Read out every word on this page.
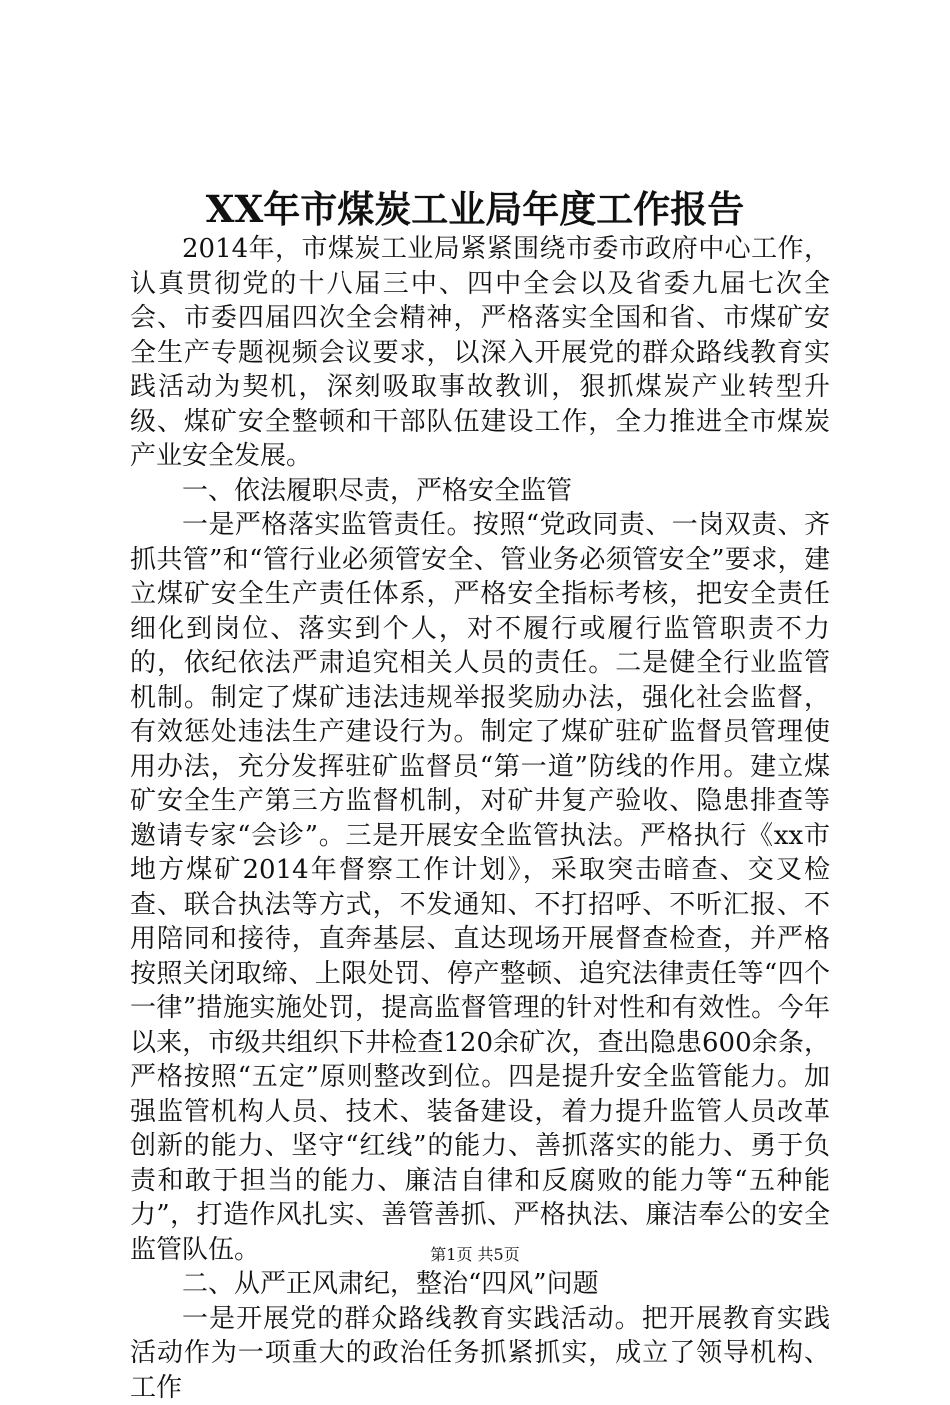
XX年市煤炭工业局年度工作报告

2014年，市煤炭工业局紧紧围绕市委市政府中心工作，认真贯彻党的十八届三中、四中全会以及省委九届七次全会、市委四届四次全会精神，严格落实全国和省、市煤矿安全生产专题视频会议要求，以深入开展党的群众路线教育实践活动为契机，深刻吸取事故教训，狠抓煤炭产业转型升级、煤矿安全整顿和干部队伍建设工作，全力推进全市煤炭产业安全发展。

一、依法履职尽责，严格安全监管

一是严格落实监管责任。按照“党政同责、一岗双责、齐抓共管”和“管行业必须管安全、管业务必须管安全”要求，建立煤矿安全生产责任体系，严格安全指标考核，把安全责任细化到岗位、落实到个人，对不履行或履行监管职责不力的，依纪依法严肃追究相关人员的责任。二是健全行业监管机制。制定了煤矿违法违规举报奖励办法，强化社会监督，有效惩处违法生产建设行为。制定了煤矿驻矿监督员管理使用办法，充分发挥驻矿监督员“第一道”防线的作用。建立煤矿安全生产第三方监督机制，对矿井复产验收、隐患排查等邀请专家“会诊”。三是开展安全监管执法。严格执行《xx市地方煤矿2014年督察工作计划》，采取突击暗查、交叉检查、联合执法等方式，不发通知、不打招呼、不听汇报、不用陪同和接待，直奔基层、直达现场开展督查检查，并严格按照关闭取缔、上限处罚、停产整顿、追究法律责任等“四个一律”措施实施处罚，提高监督管理的针对性和有效性。今年以来，市级共组织下井检查120余矿次，查出隐患600余条，严格按照“五定”原则整改到位。四是提升安全监管能力。加强监管机构人员、技术、装备建设，着力提升监管人员改革创新的能力、坚守“红线”的能力、善抓落实的能力、勇于负责和敢于担当的能力、廉洁自律和反腐败的能力等“五种能力”，打造作风扎实、善管善抓、严格执法、廉洁奉公的安全监管队伍。

二、从严正风肃纪，整治“四风”问题

一是开展党的群众路线教育实践活动。把开展教育实践活动作为一项重大的政治任务抓紧抓实，成立了领导机构、工作

第1页 共5页
